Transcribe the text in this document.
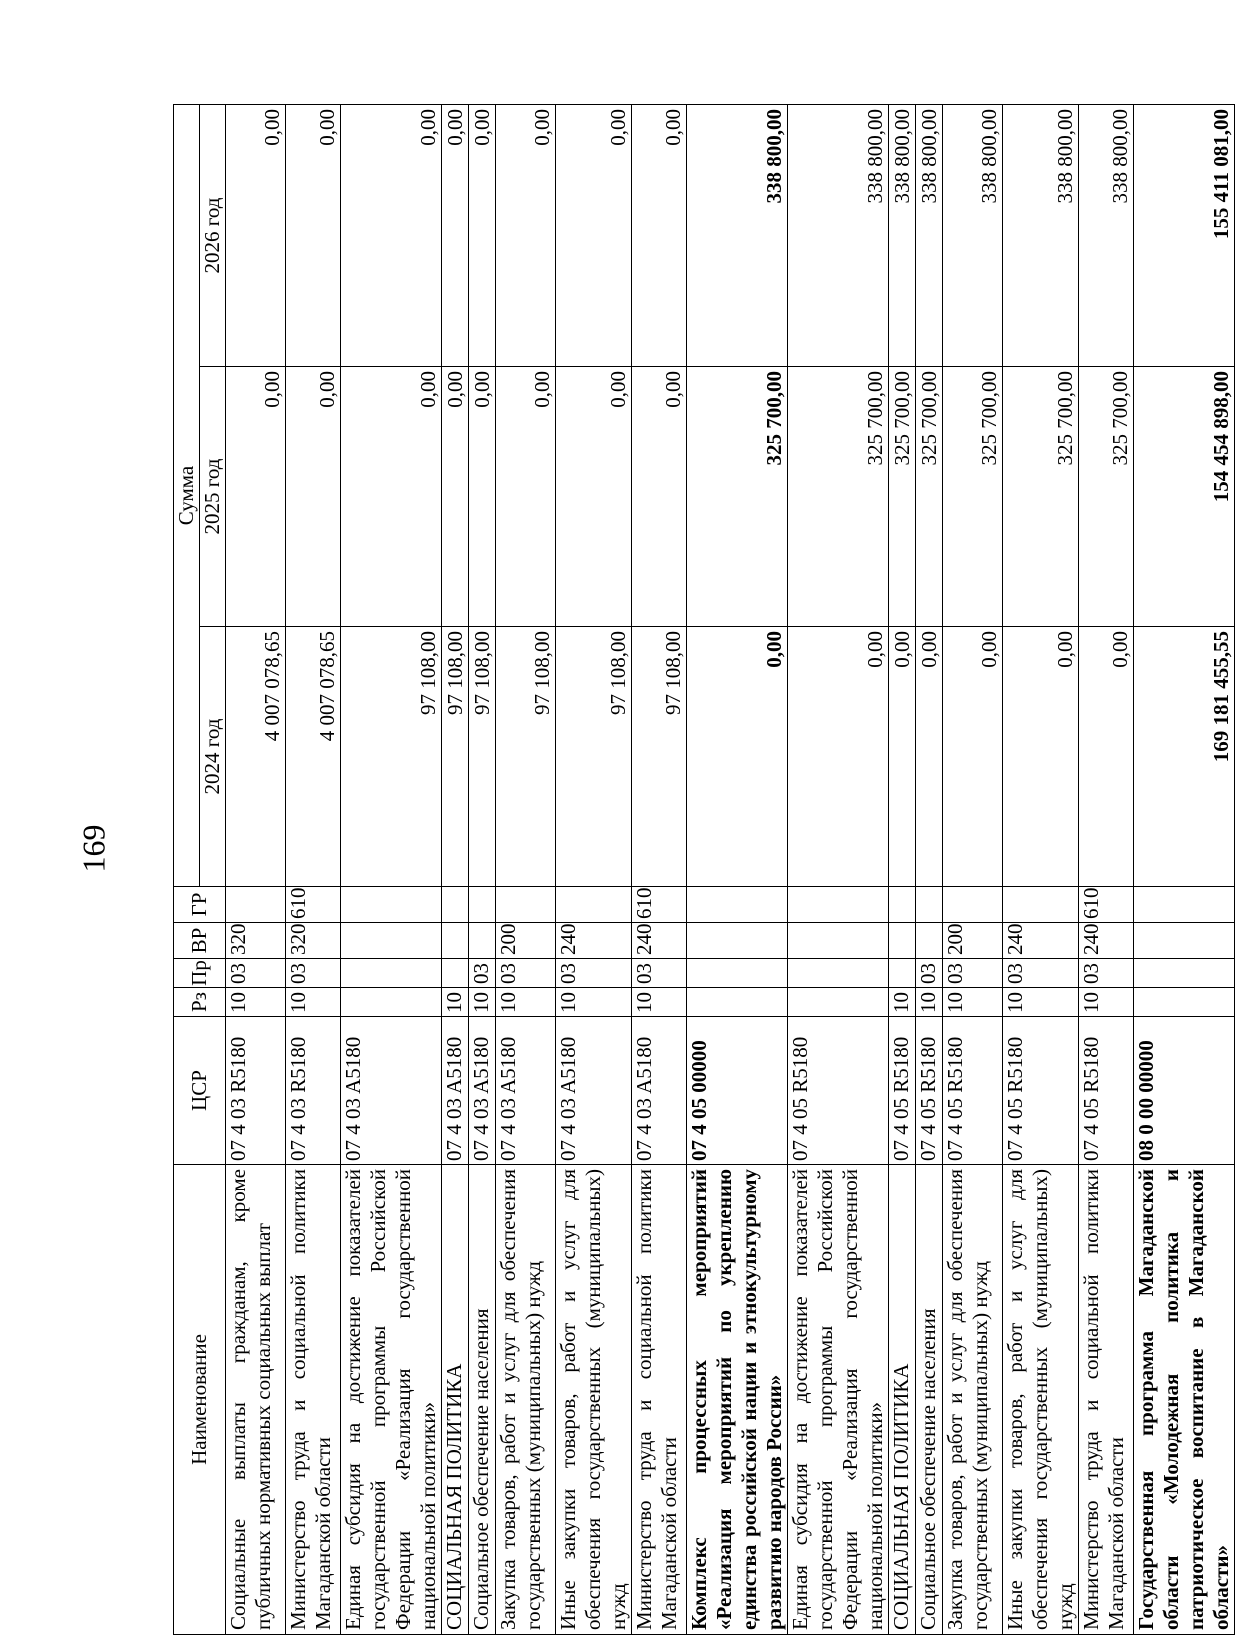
169
Наименование	ЦСР	Рз	Пр	ВР	ГР	Сумма		
						2024 год	2025 год	2026 год
Социальные выплаты гражданам, кроме публичных нормативных социальных выплат	07 4 03 R5180	10	03	320		4 007 078,65	0,00	0,00
Министерство труда и социальной политики Магаданской области	07 4 03 R5180	10	03	320	610	4 007 078,65	0,00	0,00
Единая субсидия на достижение показателей государственной программы Российской Федерации «Реализация государственной национальной политики»	07 4 03 A5180					97 108,00	0,00	0,00
СОЦИАЛЬНАЯ ПОЛИТИКА	07 4 03 A5180	10				97 108,00	0,00	0,00
Социальное обеспечение населения	07 4 03 A5180	10	03			97 108,00	0,00	0,00
Закупка товаров, работ и услуг для обеспечения государственных (муниципальных) нужд	07 4 03 A5180	10	03	200		97 108,00	0,00	0,00
Иные закупки товаров, работ и услуг для обеспечения государственных (муниципальных) нужд	07 4 03 A5180	10	03	240		97 108,00	0,00	0,00
Министерство труда и социальной политики Магаданской области	07 4 03 A5180	10	03	240	610	97 108,00	0,00	0,00
Комплекс процессных мероприятий «Реализация мероприятий по укреплению единства российской нации и этнокультурному развитию народов России»	07 4 05 00000					0,00	325 700,00	338 800,00
Единая субсидия на достижение показателей государственной программы Российской Федерации «Реализация государственной национальной политики»	07 4 05 R5180					0,00	325 700,00	338 800,00
СОЦИАЛЬНАЯ ПОЛИТИКА	07 4 05 R5180	10				0,00	325 700,00	338 800,00
Социальное обеспечение населения	07 4 05 R5180	10	03			0,00	325 700,00	338 800,00
Закупка товаров, работ и услуг для обеспечения государственных (муниципальных) нужд	07 4 05 R5180	10	03	200		0,00	325 700,00	338 800,00
Иные закупки товаров, работ и услуг для обеспечения государственных (муниципальных) нужд	07 4 05 R5180	10	03	240		0,00	325 700,00	338 800,00
Министерство труда и социальной политики Магаданской области	07 4 05 R5180	10	03	240	610	0,00	325 700,00	338 800,00
Государственная программа Магаданской области «Молодежная политика и патриотическое воспитание в Магаданской области»	08 0 00 00000					169 181 455,55	154 454 898,00	155 411 081,00
